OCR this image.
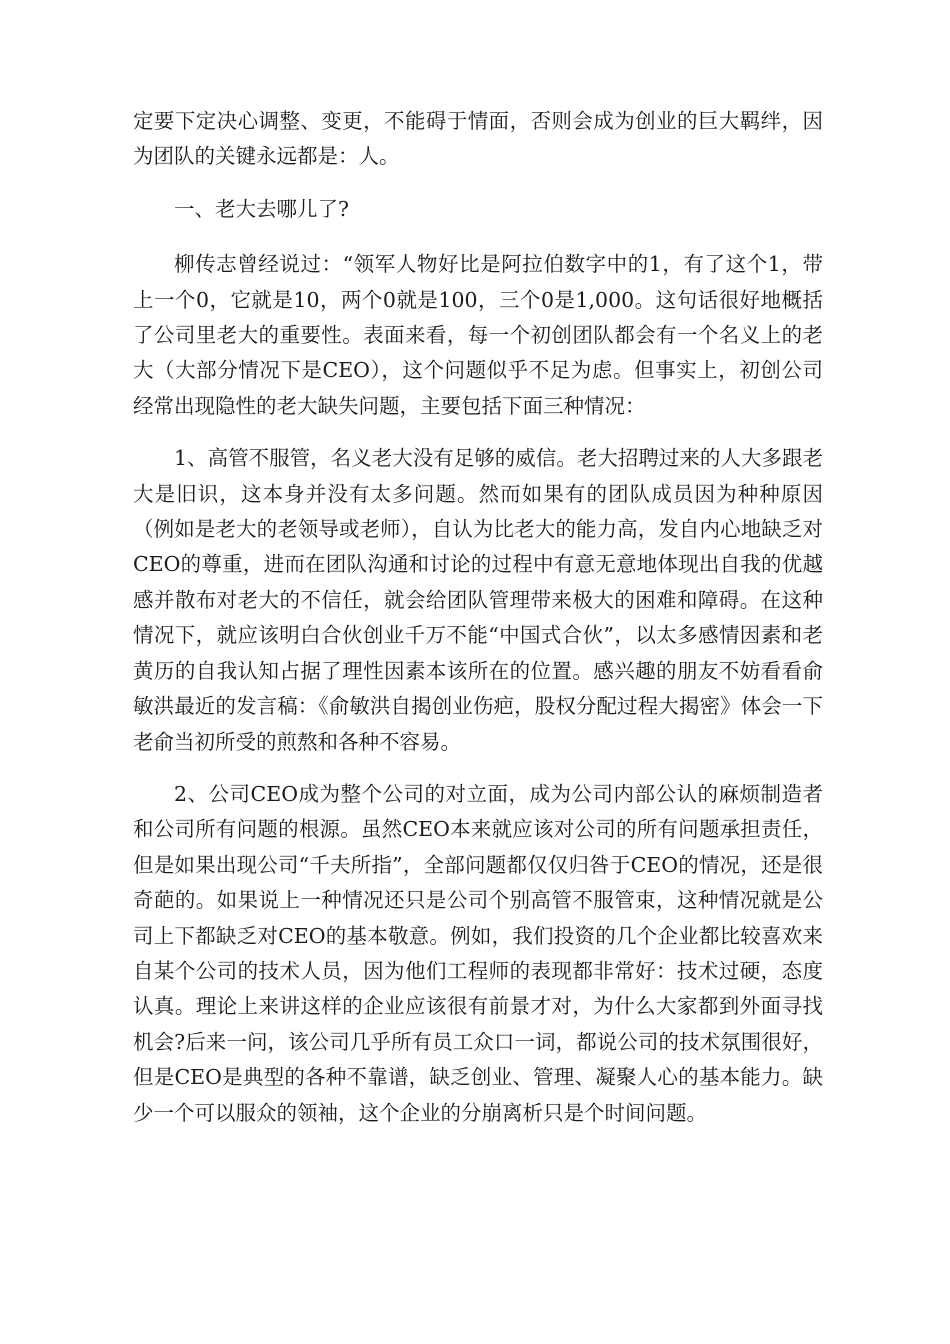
定要下定决心调整、变更，不能碍于情面，否则会成为创业的巨大羁绊，因为团队的关键永远都是：人。

一、老大去哪儿了?

柳传志曾经说过：“领军人物好比是阿拉伯数字中的1，有了这个1，带上一个0，它就是10，两个0就是100，三个0是1,000。这句话很好地概括了公司里老大的重要性。表面来看，每一个初创团队都会有一个名义上的老大（大部分情况下是CEO），这个问题似乎不足为虑。但事实上，初创公司经常出现隐性的老大缺失问题，主要包括下面三种情况：

1、高管不服管，名义老大没有足够的威信。老大招聘过来的人大多跟老大是旧识，这本身并没有太多问题。然而如果有的团队成员因为种种原因（例如是老大的老领导或老师），自认为比老大的能力高，发自内心地缺乏对CEO的尊重，进而在团队沟通和讨论的过程中有意无意地体现出自我的优越感并散布对老大的不信任，就会给团队管理带来极大的困难和障碍。在这种情况下，就应该明白合伙创业千万不能“中国式合伙”，以太多感情因素和老黄历的自我认知占据了理性因素本该所在的位置。感兴趣的朋友不妨看看俞敏洪最近的发言稿：《俞敏洪自揭创业伤疤，股权分配过程大揭密》体会一下老俞当初所受的煎熬和各种不容易。

2、公司CEO成为整个公司的对立面，成为公司内部公认的麻烦制造者和公司所有问题的根源。虽然CEO本来就应该对公司的所有问题承担责任，但是如果出现公司“千夫所指”，全部问题都仅仅归咎于CEO的情况，还是很奇葩的。如果说上一种情况还只是公司个别高管不服管束，这种情况就是公司上下都缺乏对CEO的基本敬意。例如，我们投资的几个企业都比较喜欢来自某个公司的技术人员，因为他们工程师的表现都非常好：技术过硬，态度认真。理论上来讲这样的企业应该很有前景才对，为什么大家都到外面寻找机会?后来一问，该公司几乎所有员工众口一词，都说公司的技术氛围很好，但是CEO是典型的各种不靠谱，缺乏创业、管理、凝聚人心的基本能力。缺少一个可以服众的领袖，这个企业的分崩离析只是个时间问题。
